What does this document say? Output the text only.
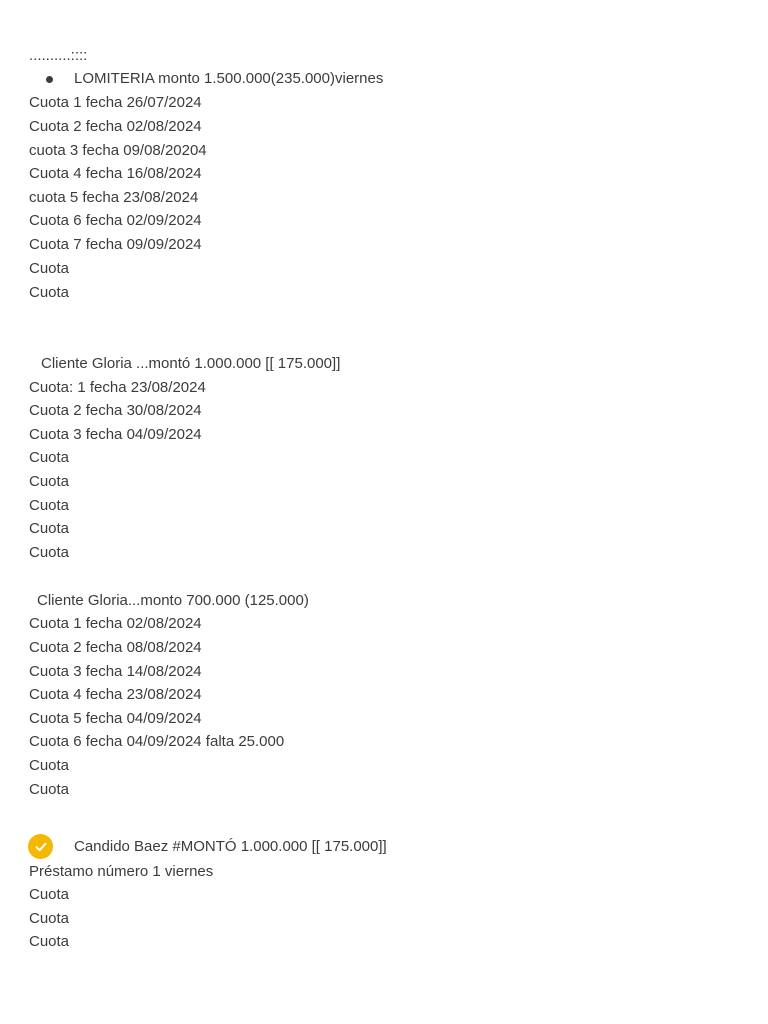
..........::::
LOMITERIA monto 1.500.000(235.000)viernes
Cuota 1 fecha 26/07/2024
Cuota 2 fecha 02/08/2024
cuota 3 fecha 09/08/20204
Cuota 4 fecha 16/08/2024
cuota 5 fecha 23/08/2024
Cuota 6 fecha 02/09/2024
Cuota 7 fecha 09/09/2024
Cuota
Cuota
Cliente Gloria ...montó 1.000.000 [[ 175.000]]
Cuota: 1 fecha 23/08/2024
Cuota 2 fecha 30/08/2024
Cuota 3 fecha 04/09/2024
Cuota
Cuota
Cuota
Cuota
Cuota
Cliente Gloria...monto 700.000 (125.000)
Cuota 1 fecha 02/08/2024
Cuota 2 fecha 08/08/2024
Cuota 3 fecha 14/08/2024
Cuota 4 fecha 23/08/2024
Cuota 5 fecha 04/09/2024
Cuota 6 fecha 04/09/2024 falta 25.000
Cuota
Cuota
Candido Baez #MONTÓ 1.000.000 [[ 175.000]]
Préstamo número 1 viernes
Cuota
Cuota
Cuota
